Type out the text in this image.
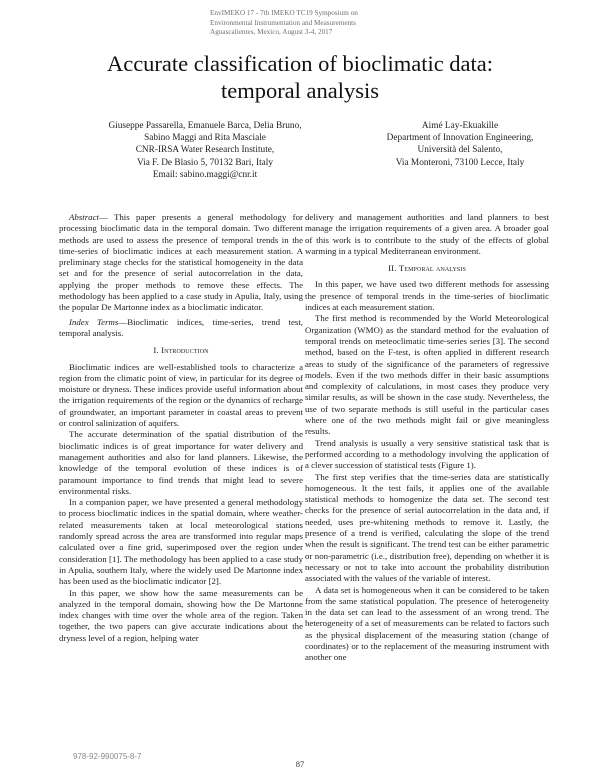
EnvIMEKO 17 - 7th IMEKO TC19 Symposium on
Environmental Instrumentation and Measurements
Aguascalientes, Mexico, August 3-4, 2017
Accurate classification of bioclimatic data:
temporal analysis
Giuseppe Passarella, Emanuele Barca, Delia Bruno,
Sabino Maggi and Rita Masciale
CNR-IRSA Water Research Institute,
Via F. De Blasio 5, 70132 Bari, Italy
Email: sabino.maggi@cnr.it
Aimé Lay-Ekuakille
Department of Innovation Engineering,
Università del Salento,
Via Monteroni, 73100 Lecce, Italy

Abstract— This paper presents a general methodology for processing bioclimatic data in the temporal domain. Two different methods are used to assess the presence of temporal trends in the time-series of bioclimatic indices at each measurement station. A preliminary stage checks for the statistical homogeneity in the data set and for the presence of serial autocorrelation in the data, applying the proper methods to remove these effects. The methodology has been applied to a case study in Apulia, Italy, using the popular De Martonne index as a bioclimatic indicator.

Index Terms—Bioclimatic indices, time-series, trend test, temporal analysis.

I. Introduction

Bioclimatic indices are well-established tools to characterize a region from the climatic point of view, in particular for its degree of moisture or dryness. These indices provide useful information about the irrigation requirements of the region or the dynamics of recharge of groundwater, an important parameter in coastal areas to prevent or control salinization of aquifers.

The accurate determination of the spatial distribution of the bioclimatic indices is of great importance for water delivery and management authorities and also for land planners. Likewise, the knowledge of the temporal evolution of these indices is of paramount importance to find trends that might lead to severe environmental risks.

In a companion paper, we have presented a general methodology to process bioclimatic indices in the spatial domain, where weather-related measurements taken at local meteorological stations randomly spread across the area are transformed into regular maps calculated over a fine grid, superimposed over the region under consideration [1]. The methodology has been applied to a case study in Apulia, southern Italy, where the widely used De Martonne index has been used as the bioclimatic indicator [2].

In this paper, we show how the same measurements can be analyzed in the temporal domain, showing how the De Martonne index changes with time over the whole area of the region. Taken together, the two papers can give accurate indications about the dryness level of a region, helping water

delivery and management authorities and land planners to best manage the irrigation requirements of a given area. A broader goal of this work is to contribute to the study of the effects of global warming in a typical Mediterranean environment.

II. Temporal analysis

In this paper, we have used two different methods for assessing the presence of temporal trends in the time-series of bioclimatic indices at each measurement station.

The first method is recommended by the World Meteorological Organization (WMO) as the standard method for the evaluation of temporal trends on meteoclimatic time-series series [3]. The second method, based on the F-test, is often applied in different research areas to study of the significance of the parameters of regressive models. Even if the two methods differ in their basic assumptions and complexity of calculations, in most cases they produce very similar results, as will be shown in the case study. Nevertheless, the use of two separate methods is still useful in the particular cases where one of the two methods might fail or give meaningless results.

Trend analysis is usually a very sensitive statistical task that is performed according to a methodology involving the application of a clever succession of statistical tests (Figure 1).

The first step verifies that the time-series data are statistically homogeneous. It the test fails, it applies one of the available statistical methods to homogenize the data set. The second test checks for the presence of serial autocorrelation in the data and, if needed, uses pre-whitening methods to remove it. Lastly, the presence of a trend is verified, calculating the slope of the trend when the result is significant. The trend test can be either parametric or non-parametric (i.e., distribution free), depending on whether it is necessary or not to take into account the probability distribution associated with the values of the variable of interest.

A data set is homogeneous when it can be considered to be taken from the same statistical population. The presence of heterogeneity in the data set can lead to the assessment of an wrong trend. The heterogeneity of a set of measurements can be related to factors such as the physical displacement of the measuring station (change of coordinates) or to the replacement of the measuring instrument with another one

978-92-990075-8-7
87
